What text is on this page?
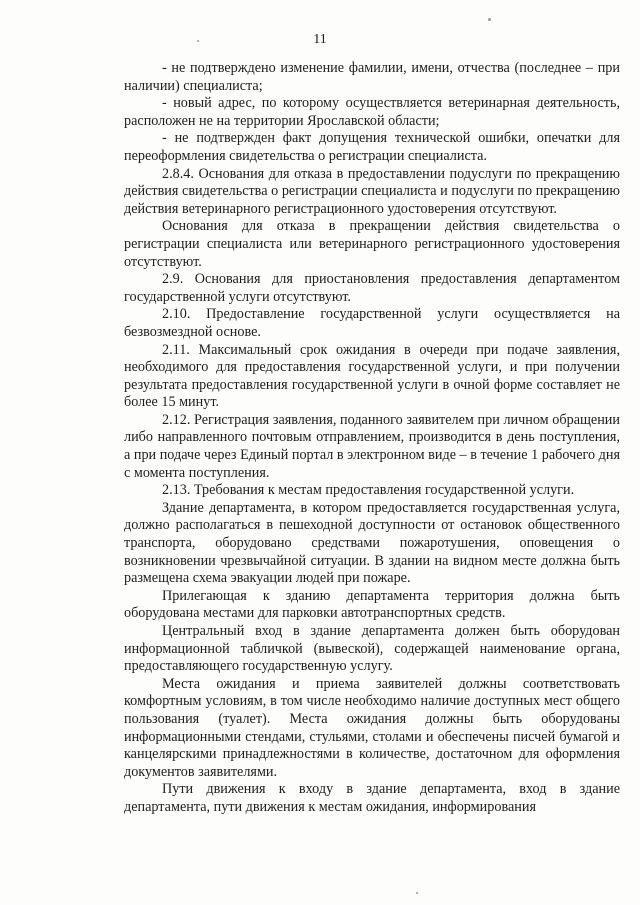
11

- не подтверждено изменение фамилии, имени, отчества (последнее – при наличии) специалиста;

- новый адрес, по которому осуществляется ветеринарная деятельность, расположен не на территории Ярославской области;

- не подтвержден факт допущения технической ошибки, опечатки для переоформления свидетельства о регистрации специалиста.

2.8.4. Основания для отказа в предоставлении подуслуги по прекращению действия свидетельства о регистрации специалиста и подуслуги по прекращению действия ветеринарного регистрационного удостоверения отсутствуют.

Основания для отказа в прекращении действия свидетельства о регистрации специалиста или ветеринарного регистрационного удостоверения отсутствуют.

2.9. Основания для приостановления предоставления департаментом государственной услуги отсутствуют.

2.10. Предоставление государственной услуги осуществляется на безвозмездной основе.

2.11. Максимальный срок ожидания в очереди при подаче заявления, необходимого для предоставления государственной услуги, и при получении результата предоставления государственной услуги в очной форме составляет не более 15 минут.

2.12. Регистрация заявления, поданного заявителем при личном обращении либо направленного почтовым отправлением, производится в день поступления, а при подаче через Единый портал в электронном виде – в течение 1 рабочего дня с момента поступления.

2.13. Требования к местам предоставления государственной услуги.

Здание департамента, в котором предоставляется государственная услуга, должно располагаться в пешеходной доступности от остановок общественного транспорта, оборудовано средствами пожаротушения, оповещения о возникновении чрезвычайной ситуации. В здании на видном месте должна быть размещена схема эвакуации людей при пожаре.

Прилегающая к зданию департамента территория должна быть оборудована местами для парковки автотранспортных средств.

Центральный вход в здание департамента должен быть оборудован информационной табличкой (вывеской), содержащей наименование органа, предоставляющего государственную услугу.

Места ожидания и приема заявителей должны соответствовать комфортным условиям, в том числе необходимо наличие доступных мест общего пользования (туалет). Места ожидания должны быть оборудованы информационными стендами, стульями, столами и обеспечены писчей бумагой и канцелярскими принадлежностями в количестве, достаточном для оформления документов заявителями.

Пути движения к входу в здание департамента, вход в здание департамента, пути движения к местам ожидания, информирования
